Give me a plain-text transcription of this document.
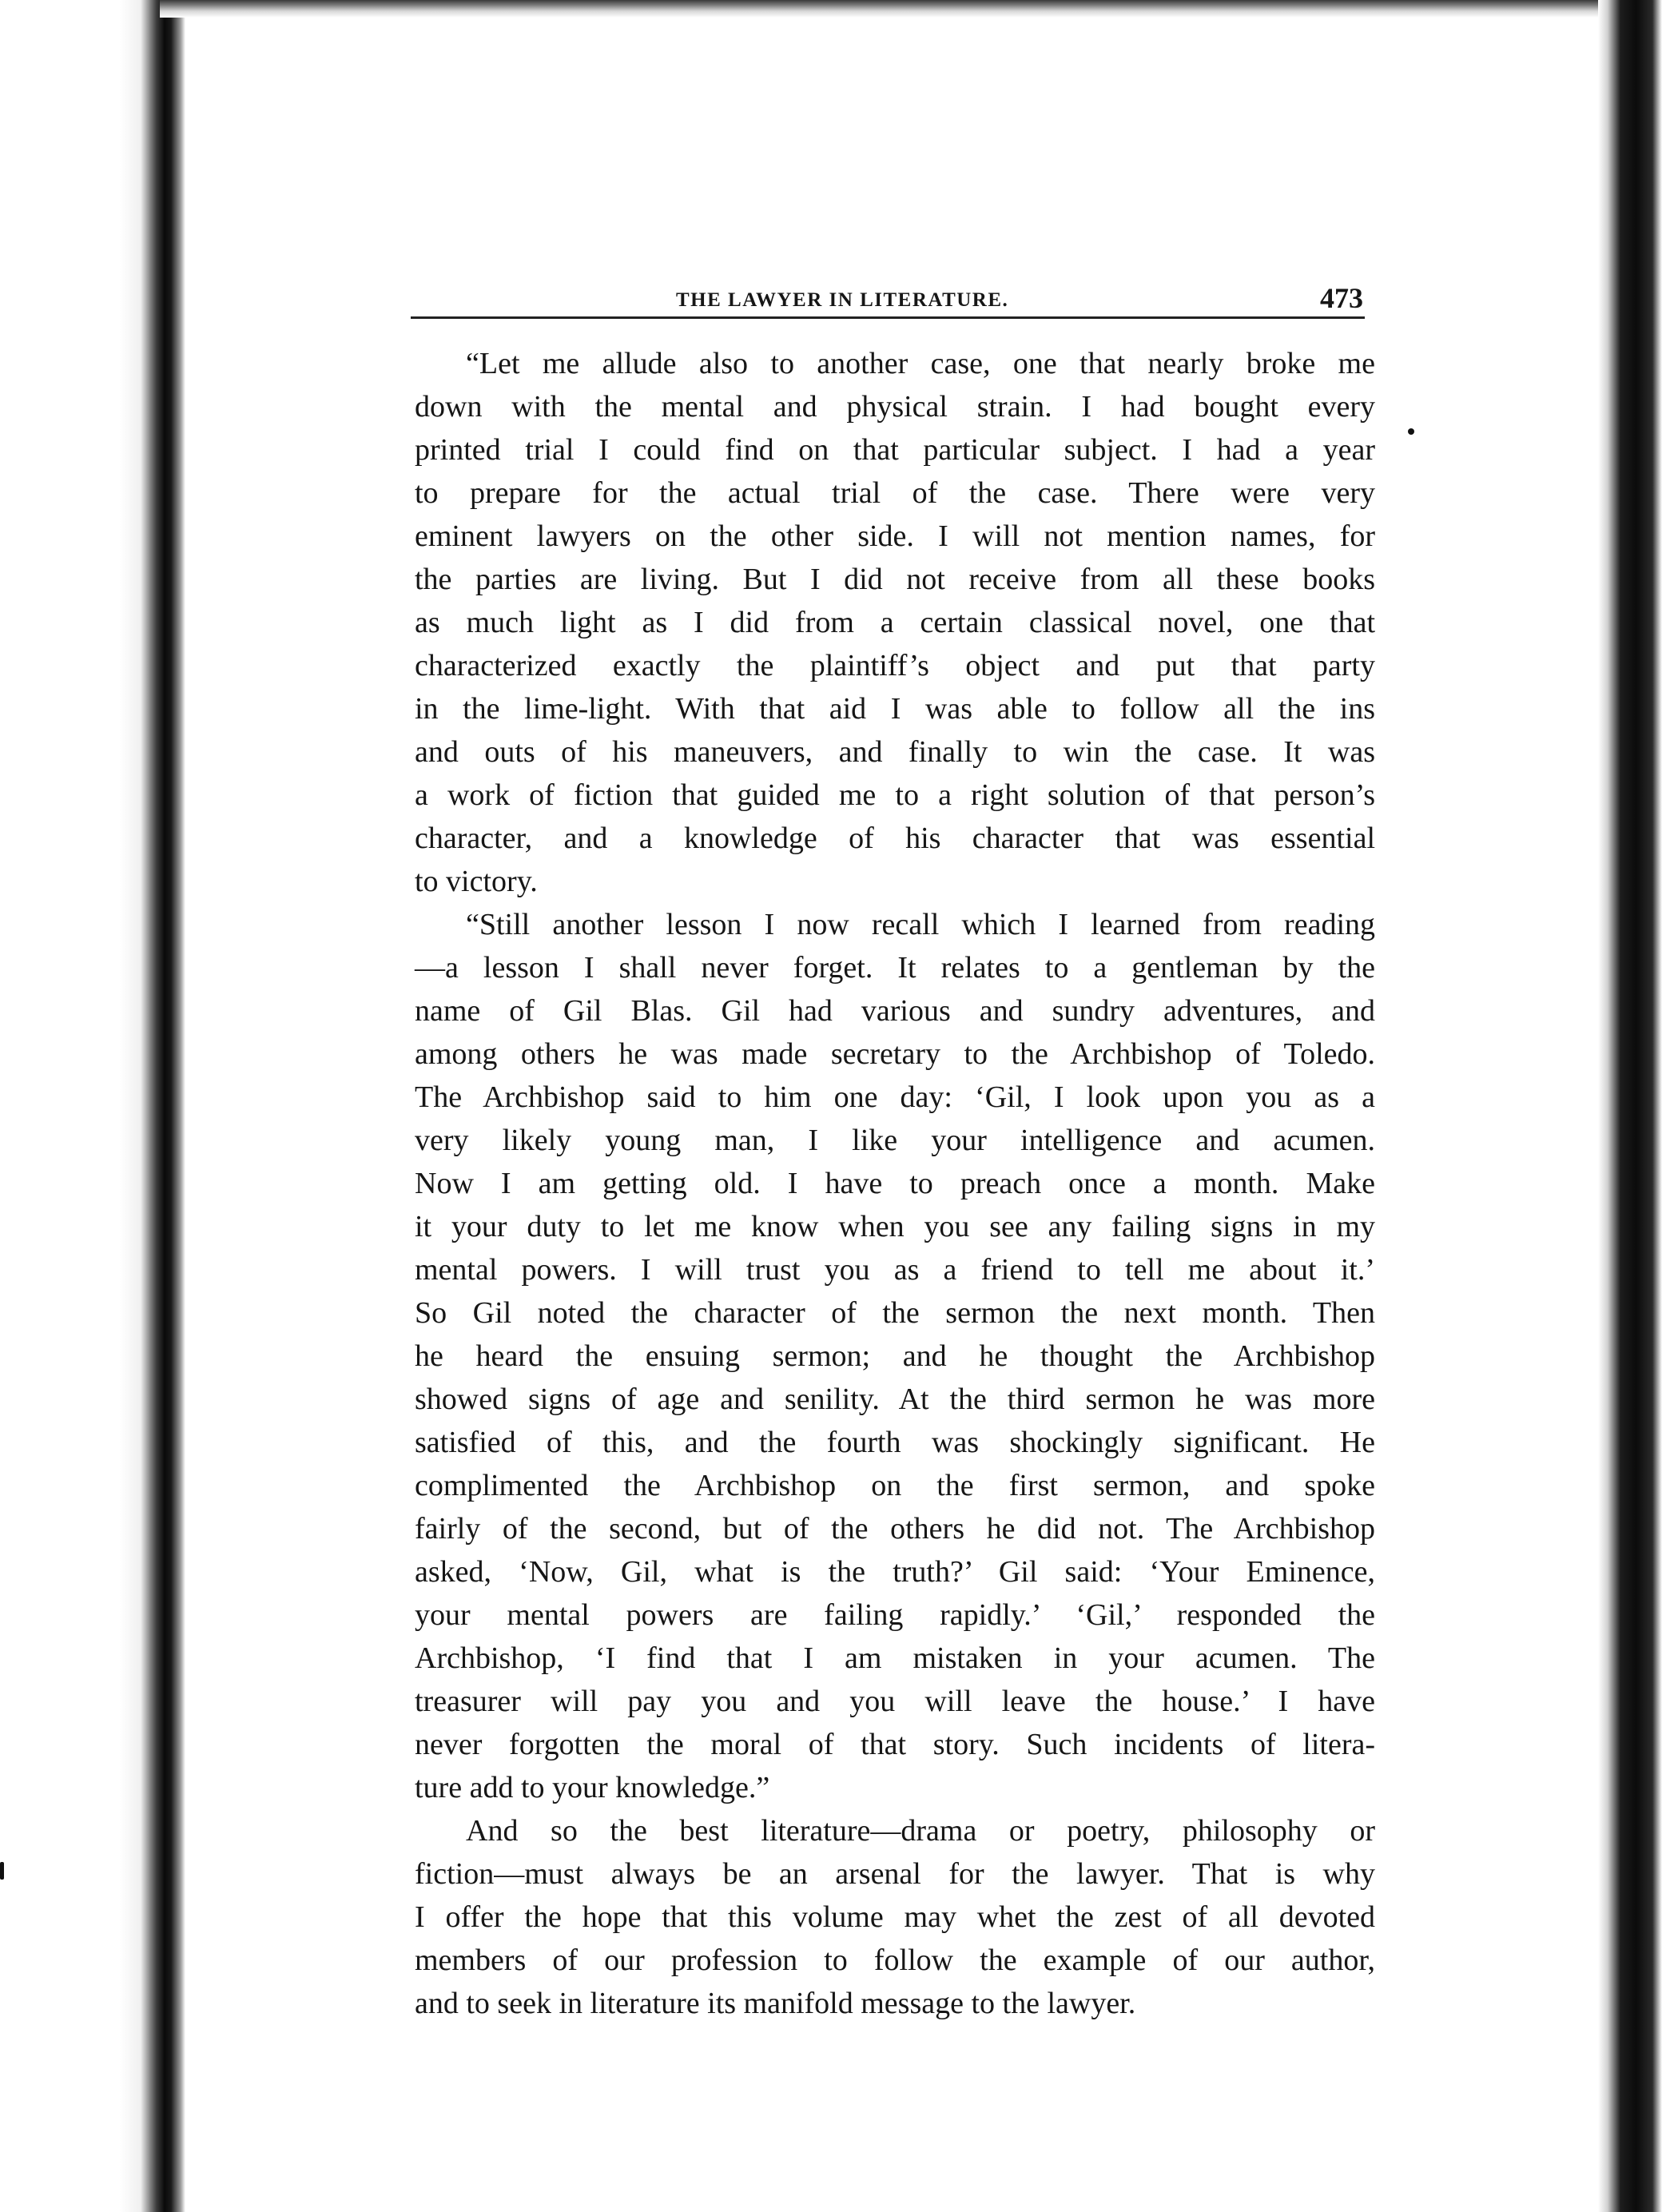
THE LAWYER IN LITERATURE.	473

“Let me allude also to another case, one that nearly broke me
down with the mental and physical strain. I had bought every
printed trial I could find on that particular subject. I had a year
to prepare for the actual trial of the case. There were very
eminent lawyers on the other side. I will not mention names, for
the parties are living. But I did not receive from all these books
as much light as I did from a certain classical novel, one that
characterized exactly the plaintiff’s object and put that party
in the lime-light. With that aid I was able to follow all the ins
and outs of his maneuvers, and finally to win the case. It was
a work of fiction that guided me to a right solution of that person’s
character, and a knowledge of his character that was essential
to victory.

“Still another lesson I now recall which I learned from reading
—a lesson I shall never forget. It relates to a gentleman by the
name of Gil Blas. Gil had various and sundry adventures, and
among others he was made secretary to the Archbishop of Toledo.
The Archbishop said to him one day: ‘Gil, I look upon you as a
very likely young man, I like your intelligence and acumen.
Now I am getting old. I have to preach once a month. Make
it your duty to let me know when you see any failing signs in my
mental powers. I will trust you as a friend to tell me about it.’
So Gil noted the character of the sermon the next month. Then
he heard the ensuing sermon; and he thought the Archbishop
showed signs of age and senility. At the third sermon he was more
satisfied of this, and the fourth was shockingly significant. He
complimented the Archbishop on the first sermon, and spoke
fairly of the second, but of the others he did not. The Archbishop
asked, ‘Now, Gil, what is the truth?’ Gil said: ‘Your Eminence,
your mental powers are failing rapidly.’ ‘Gil,’ responded the
Archbishop, ‘I find that I am mistaken in your acumen. The
treasurer will pay you and you will leave the house.’ I have
never forgotten the moral of that story. Such incidents of litera-
ture add to your knowledge.”

And so the best literature—drama or poetry, philosophy or
fiction—must always be an arsenal for the lawyer. That is why
I offer the hope that this volume may whet the zest of all devoted
members of our profession to follow the example of our author,
and to seek in literature its manifold message to the lawyer.
